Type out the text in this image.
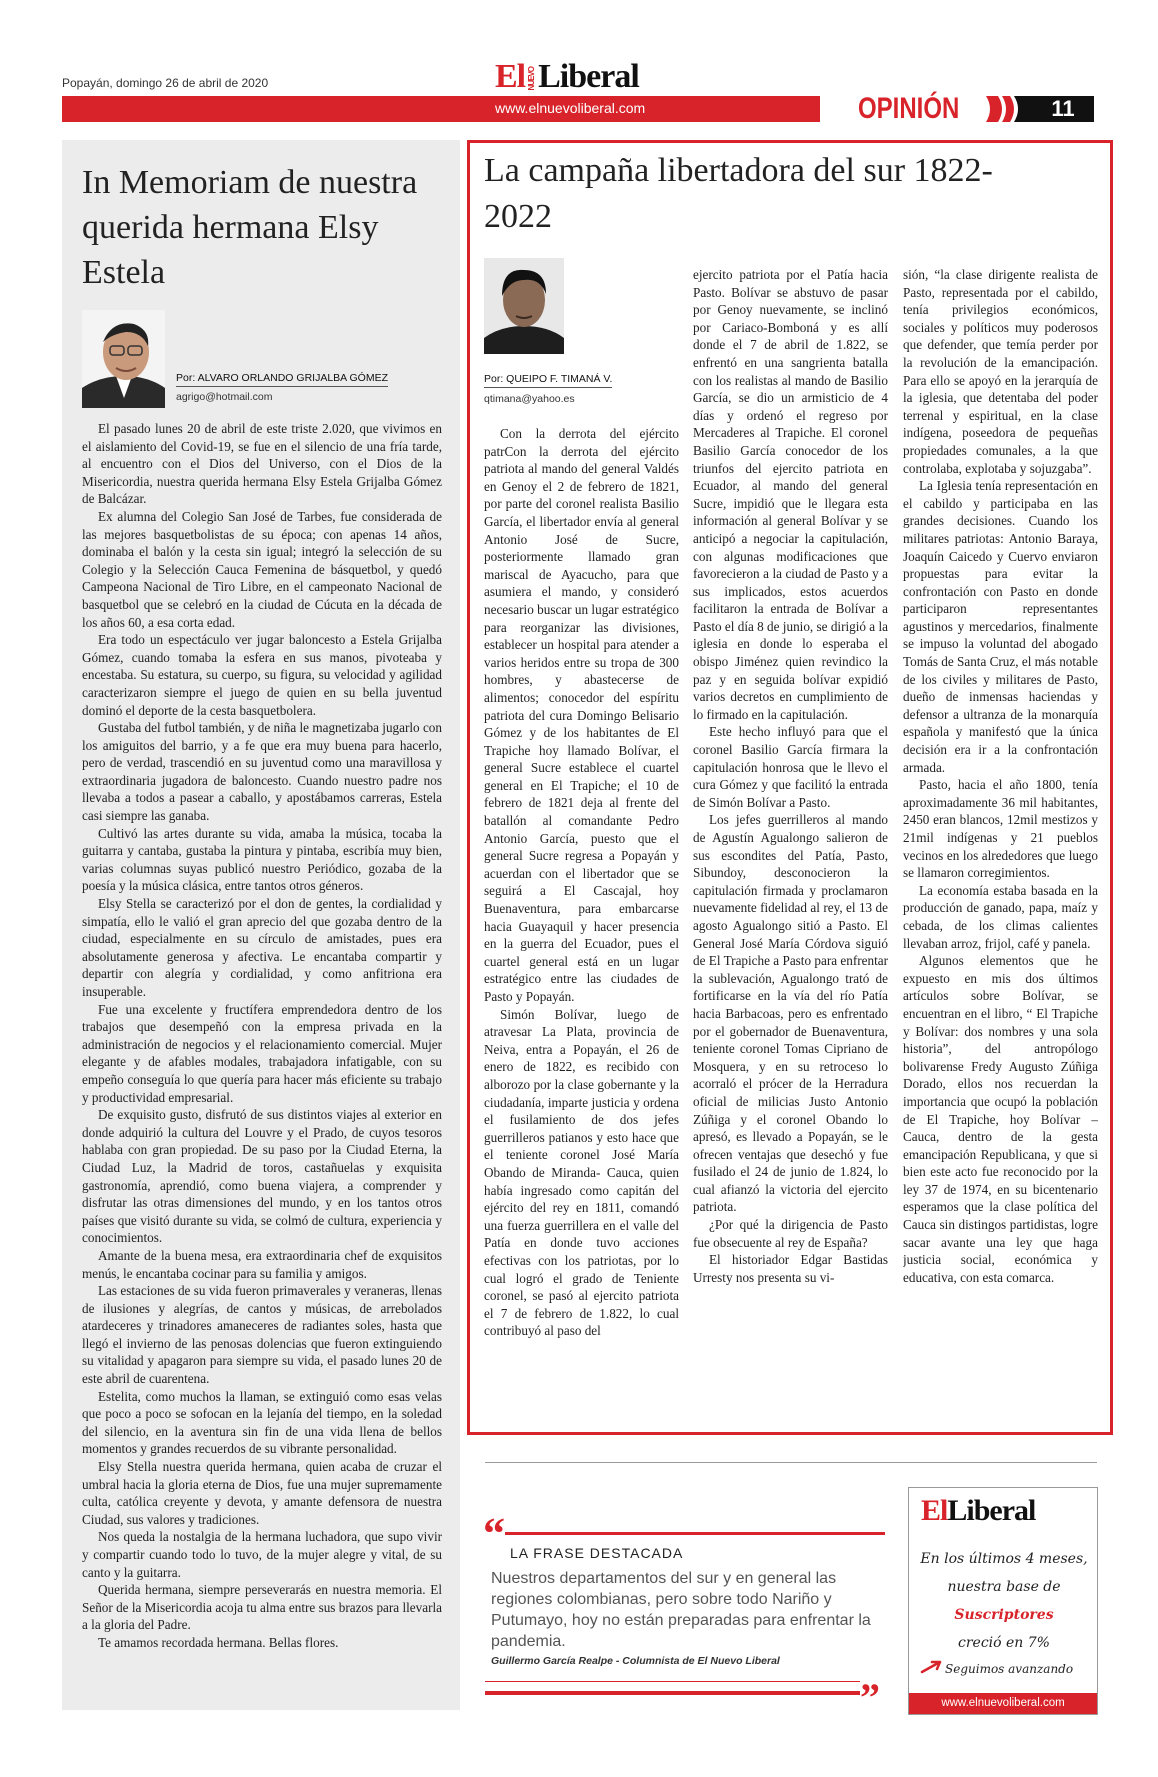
Popayán, domingo 26 de abril de 2020	El NUEVOLiberal
www.elnuevoliberal.com	OPINIÓN	11
In Memoriam de nuestra querida hermana Elsy Estela
Por: ALVARO ORLANDO GRIJALBA GÓMEZ
agrigo@hotmail.com

El pasado lunes 20 de abril de este triste 2.020, que vivimos en el aislamiento del Covid-19, se fue en el silencio de una fría tarde, al encuentro con el Dios del Universo, con el Dios de la Misericordia, nuestra querida hermana Elsy Estela Grijalba Gómez de Balcázar.

Ex alumna del Colegio San José de Tarbes, fue considerada de las mejores basquetbolistas de su época; con apenas 14 años, dominaba el balón y la cesta sin igual; integró la selección de su Colegio y la Selección Cauca Femenina de básquetbol, y quedó Campeona Nacional de Tiro Libre, en el campeonato Nacional de basquetbol que se celebró en la ciudad de Cúcuta en la década de los años 60, a esa corta edad.

Era todo un espectáculo ver jugar baloncesto a Estela Grijalba Gómez, cuando tomaba la esfera en sus manos, pivoteaba y encestaba. Su estatura, su cuerpo, su figura, su velocidad y agilidad caracterizaron siempre el juego de quien en su bella juventud dominó el deporte de la cesta basquetbolera.

Gustaba del futbol también, y de niña le magnetizaba jugarlo con los amiguitos del barrio, y a fe que era muy buena para hacerlo, pero de verdad, trascendió en su juventud como una maravillosa y extraordinaria jugadora de baloncesto. Cuando nuestro padre nos llevaba a todos a pasear a caballo, y apostábamos carreras, Estela casi siempre las ganaba.

Cultivó las artes durante su vida, amaba la música, tocaba la guitarra y cantaba, gustaba la pintura y pintaba, escribía muy bien, varias columnas suyas publicó nuestro Periódico, gozaba de la poesía y la música clásica, entre tantos otros géneros.

Elsy Stella se caracterizó por el don de gentes, la cordialidad y simpatía, ello le valió el gran aprecio del que gozaba dentro de la ciudad, especialmente en su círculo de amistades, pues era absolutamente generosa y afectiva. Le encantaba compartir y departir con alegría y cordialidad, y como anfitriona era insuperable.

Fue una excelente y fructífera emprendedora dentro de los trabajos que desempeñó con la empresa privada en la administración de negocios y el relacionamiento comercial. Mujer elegante y de afables modales, trabajadora infatigable, con su empeño conseguía lo que quería para hacer más eficiente su trabajo y productividad empresarial.

De exquisito gusto, disfrutó de sus distintos viajes al exterior en donde adquirió la cultura del Louvre y el Prado, de cuyos tesoros hablaba con gran propiedad. De su paso por la Ciudad Eterna, la Ciudad Luz, la Madrid de toros, castañuelas y exquisita gastronomía, aprendió, como buena viajera, a comprender y disfrutar las otras dimensiones del mundo, y en los tantos otros países que visitó durante su vida, se colmó de cultura, experiencia y conocimientos.

Amante de la buena mesa, era extraordinaria chef de exquisitos menús, le encantaba cocinar para su familia y amigos.

Las estaciones de su vida fueron primaverales y veraneras, llenas de ilusiones y alegrías, de cantos y músicas, de arrebolados atardeceres y trinadores amaneceres de radiantes soles, hasta que llegó el invierno de las penosas dolencias que fueron extinguiendo su vitalidad y apagaron para siempre su vida, el pasado lunes 20 de este abril de cuarentena.

Estelita, como muchos la llaman, se extinguió como esas velas que poco a poco se sofocan en la lejanía del tiempo, en la soledad del silencio, en la aventura sin fin de una vida llena de bellos momentos y grandes recuerdos de su vibrante personalidad.

Elsy Stella nuestra querida hermana, quien acaba de cruzar el umbral hacia la gloria eterna de Dios, fue una mujer supremamente culta, católica creyente y devota, y amante defensora de nuestra Ciudad, sus valores y tradiciones.

Nos queda la nostalgia de la hermana luchadora, que supo vivir y compartir cuando todo lo tuvo, de la mujer alegre y vital, de su canto y la guitarra.

Querida hermana, siempre perseverarás en nuestra memoria. El Señor de la Misericordia acoja tu alma entre sus brazos para llevarla a la gloria del Padre.

Te amamos recordada hermana. Bellas flores.

La campaña libertadora del sur 1822-2022
Por: QUEIPO F. TIMANÁ V.
qtimana@yahoo.es

Con la derrota del ejército patrCon la derrota del ejército patriota al mando del general Valdés en Genoy el 2 de febrero de 1821, por parte del coronel realista Basilio García, el libertador envía al general Antonio José de Sucre, posteriormente llamado gran mariscal de Ayacucho, para que asumiera el mando, y consideró necesario buscar un lugar estratégico para reorganizar las divisiones, establecer un hospital para atender a varios heridos entre su tropa de 300 hombres, y abastecerse de alimentos; conocedor del espíritu patriota del cura Domingo Belisario Gómez y de los habitantes de El Trapiche hoy llamado Bolívar, el general Sucre establece el cuartel general en El Trapiche; el 10 de febrero de 1821 deja al frente del batallón al comandante Pedro Antonio García, puesto que el general Sucre regresa a Popayán y acuerdan con el libertador que se seguirá a El Cascajal, hoy Buenaventura, para embarcarse hacia Guayaquil y hacer presencia en la guerra del Ecuador, pues el cuartel general está en un lugar estratégico entre las ciudades de Pasto y Popayán.

Simón Bolívar, luego de atravesar La Plata, provincia de Neiva, entra a Popayán, el 26 de enero de 1822, es recibido con alborozo por la clase gobernante y la ciudadanía, imparte justicia y ordena el fusilamiento de dos jefes guerrilleros patianos y esto hace que el teniente coronel José María Obando de Miranda- Cauca, quien había ingresado como capitán del ejército del rey en 1811, comandó una fuerza guerrillera en el valle del Patía en donde tuvo acciones efectivas con los patriotas, por lo cual logró el grado de Teniente coronel, se pasó al ejercito patriota el 7 de febrero de 1.822, lo cual contribuyó al paso del

ejercito patriota por el Patía hacia Pasto. Bolívar se abstuvo de pasar por Genoy nuevamente, se inclinó por Cariaco-Bomboná y es allí donde el 7 de abril de 1.822, se enfrentó en una sangrienta batalla con los realistas al mando de Basilio García, se dio un armisticio de 4 días y ordenó el regreso por Mercaderes al Trapiche. El coronel Basilio García conocedor de los triunfos del ejercito patriota en Ecuador, al mando del general Sucre, impidió que le llegara esta información al general Bolívar y se anticipó a negociar la capitulación, con algunas modificaciones que favorecieron a la ciudad de Pasto y a sus implicados, estos acuerdos facilitaron la entrada de Bolívar a Pasto el día 8 de junio, se dirigió a la iglesia en donde lo esperaba el obispo Jiménez quien revindico la paz y en seguida bolívar expidió varios decretos en cumplimiento de lo firmado en la capitulación.

Este hecho influyó para que el coronel Basilio García firmara la capitulación honrosa que le llevo el cura Gómez y que facilitó la entrada de Simón Bolívar a Pasto.

Los jefes guerrilleros al mando de Agustín Agualongo salieron de sus escondites del Patía, Pasto, Sibundoy, desconocieron la capitulación firmada y proclamaron nuevamente fidelidad al rey, el 13 de agosto Agualongo sitió a Pasto. El General José María Córdova siguió de El Trapiche a Pasto para enfrentar la sublevación, Agualongo trató de fortificarse en la vía del río Patía hacia Barbacoas, pero es enfrentado por el gobernador de Buenaventura, teniente coronel Tomas Cipriano de Mosquera, y en su retroceso lo acorraló el prócer de la Herradura oficial de milicias Justo Antonio Zúñiga y el coronel Obando lo apresó, es llevado a Popayán, se le ofrecen ventajas que desechó y fue fusilado el 24 de junio de 1.824, lo cual afianzó la victoria del ejercito patriota.

¿Por qué la dirigencia de Pasto fue obsecuente al rey de España?

El historiador Edgar Bastidas Urresty nos presenta su vi-

sión, “la clase dirigente realista de Pasto, representada por el cabildo, tenía privilegios económicos, sociales y políticos muy poderosos que defender, que temía perder por la revolución de la emancipación. Para ello se apoyó en la jerarquía de la iglesia, que detentaba del poder terrenal y espiritual, en la clase indígena, poseedora de pequeñas propiedades comunales, a la que controlaba, explotaba y sojuzgaba”.

La Iglesia tenía representación en el cabildo y participaba en las grandes decisiones. Cuando los militares patriotas: Antonio Baraya, Joaquín Caicedo y Cuervo enviaron propuestas para evitar la confrontación con Pasto en donde participaron representantes agustinos y mercedarios, finalmente se impuso la voluntad del abogado Tomás de Santa Cruz, el más notable de los civiles y militares de Pasto, dueño de inmensas haciendas y defensor a ultranza de la monarquía española y manifestó que la única decisión era ir a la confrontación armada.

Pasto, hacia el año 1800, tenía aproximadamente 36 mil habitantes, 2450 eran blancos, 12mil mestizos y 21mil indígenas y 21 pueblos vecinos en los alrededores que luego se llamaron corregimientos.

La economía estaba basada en la producción de ganado, papa, maíz y cebada, de los climas calientes llevaban arroz, frijol, café y panela.

Algunos elementos que he expuesto en mis dos últimos artículos sobre Bolívar, se encuentran en el libro, “ El Trapiche y Bolívar: dos nombres y una sola historia”, del antropólogo bolivarense Fredy Augusto Zúñiga Dorado, ellos nos recuerdan la importancia que ocupó la población de El Trapiche, hoy Bolívar – Cauca, dentro de la gesta emancipación Republicana, y que si bien este acto fue reconocido por la ley 37 de 1974, en su bicentenario esperamos que la clase política del Cauca sin distingos partidistas, logre sacar avante una ley que haga justicia social, económica y educativa, con esta comarca.

“ LA FRASE DESTACADA
Nuestros departamentos del sur y en general las regiones colombianas, pero sobre todo Nariño y Putumayo, hoy no están preparadas para enfrentar la pandemia.
Guillermo García Realpe - Columnista de El Nuevo Liberal
”
ElLiberal
En los últimos 4 meses,
nuestra base de
Suscriptores
creció en 7%
Seguimos avanzando
www.elnuevoliberal.com
